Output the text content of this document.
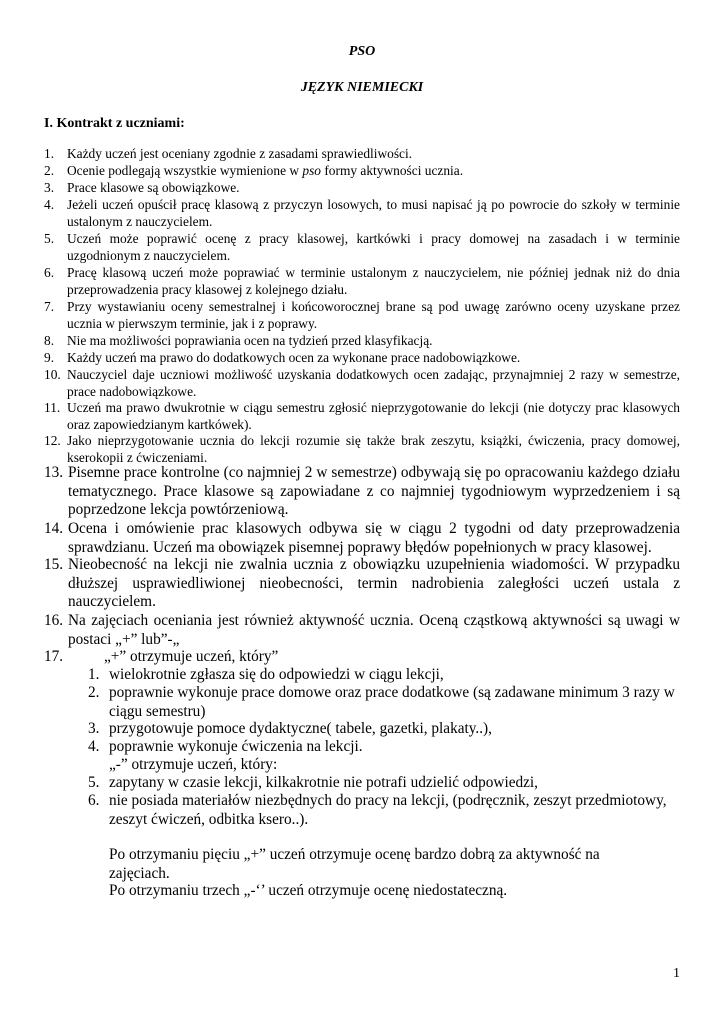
PSO
JĘZYK NIEMIECKI
I. Kontrakt z uczniami:
1. Każdy uczeń jest oceniany zgodnie z zasadami sprawiedliwości.
2. Ocenie podlegają wszystkie wymienione w pso formy aktywności ucznia.
3. Prace klasowe są obowiązkowe.
4. Jeżeli uczeń opuścił pracę klasową z przyczyn losowych, to musi napisać ją po powrocie do szkoły w terminie ustalonym z nauczycielem.
5. Uczeń może poprawić ocenę z pracy klasowej, kartkówki i pracy domowej na zasadach i w terminie uzgodnionym z nauczycielem.
6. Pracę klasową uczeń może poprawiać w terminie ustalonym z nauczycielem, nie później jednak niż do dnia przeprowadzenia pracy klasowej z kolejnego działu.
7. Przy wystawianiu oceny semestralnej i końcoworocznej brane są pod uwagę zarówno oceny uzyskane przez ucznia w pierwszym terminie, jak i z poprawy.
8. Nie ma możliwości poprawiania ocen na tydzień przed klasyfikacją.
9. Każdy uczeń ma prawo do dodatkowych ocen za wykonane prace nadobowiązkowe.
10. Nauczyciel daje uczniowi możliwość uzyskania dodatkowych ocen zadając, przynajmniej 2 razy w semestrze, prace nadobowiązkowe.
11. Uczeń ma prawo dwukrotnie w ciągu semestru zgłosić nieprzygotowanie do lekcji (nie dotyczy prac klasowych oraz zapowiedzianym kartkówek).
12. Jako nieprzygotowanie ucznia do lekcji rozumie się także brak zeszytu, książki, ćwiczenia, pracy domowej, kserokopii z ćwiczeniami.
13. Pisemne prace kontrolne (co najmniej 2 w semestrze) odbywają się po opracowaniu każdego działu tematycznego. Prace klasowe są zapowiadane z co najmniej tygodniowym wyprzedzeniem i są poprzedzone lekcja powtórzeniową.
14. Ocena i omówienie prac klasowych odbywa się w ciągu 2 tygodni od daty przeprowadzenia sprawdzianu. Uczeń ma obowiązek pisemnej poprawy błędów popełnionych w pracy klasowej.
15. Nieobecność na lekcji nie zwalnia ucznia z obowiązku uzupełnienia wiadomości. W przypadku dłuższej usprawiedliwionej nieobecności, termin nadrobienia zaległości uczeń ustala z nauczycielem.
16. Na zajęciach oceniania jest również aktywność ucznia. Oceną cząstkową aktywności są uwagi w postaci „+” lub”-„
17.	„+” otrzymuje uczeń, który”
1. wielokrotnie zgłasza się do odpowiedzi w ciągu lekcji,
2. poprawnie wykonuje prace domowe oraz prace dodatkowe (są zadawane minimum 3 razy w ciągu semestru)
3. przygotowuje pomoce dydaktyczne( tabele, gazetki, plakaty..),
4. poprawnie wykonuje ćwiczenia na lekcji.
„-” otrzymuje uczeń, który:
5. zapytany w czasie lekcji, kilkakrotnie nie potrafi udzielić odpowiedzi,
6. nie posiada materiałów niezbędnych do pracy na lekcji, (podręcznik, zeszyt przedmiotowy, zeszyt ćwiczeń, odbitka ksero..).
Po otrzymaniu pięciu „+” uczeń otrzymuje ocenę bardzo dobrą za aktywność na zajęciach.
Po otrzymaniu trzech „-‘’ uczeń otrzymuje ocenę niedostateczną.
1
